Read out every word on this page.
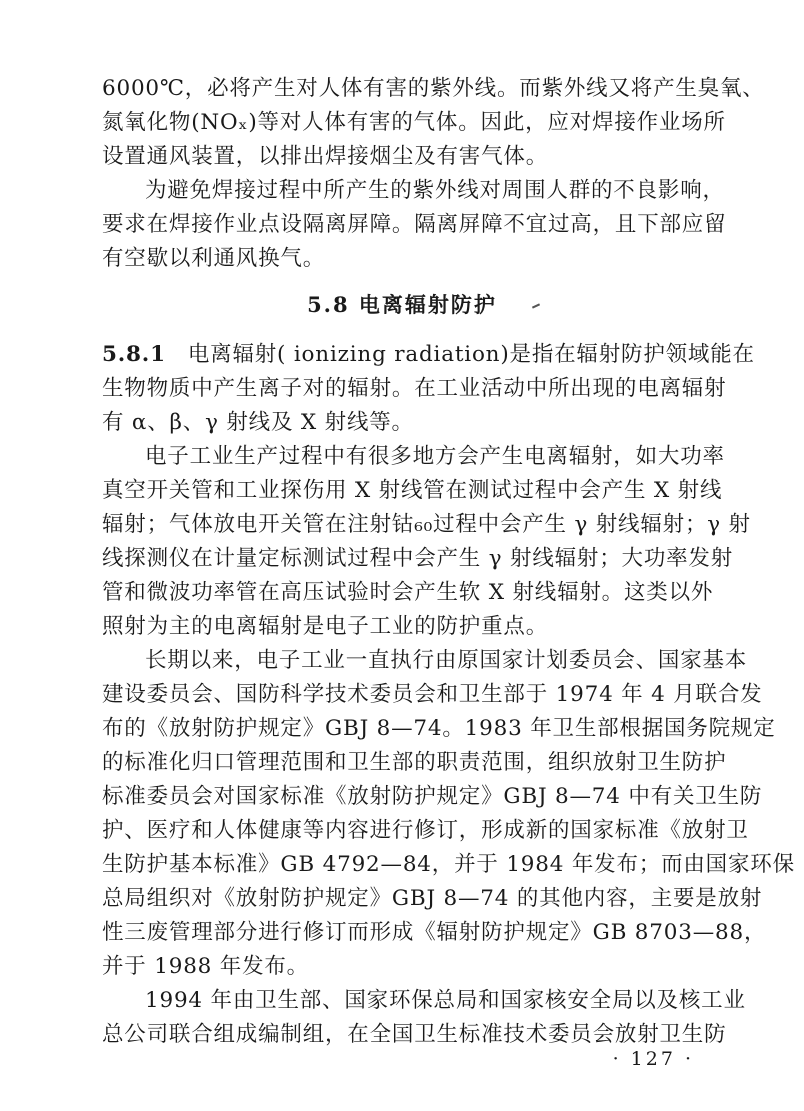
6000℃，必将产生对人体有害的紫外线。而紫外线又将产生臭氧、
氮氧化物(NOₓ)等对人体有害的气体。因此，应对焊接作业场所
设置通风装置，以排出焊接烟尘及有害气体。
为避免焊接过程中所产生的紫外线对周围人群的不良影响，
要求在焊接作业点设隔离屏障。隔离屏障不宜过高，且下部应留
有空歇以利通风换气。
5.8 电离辐射防护
5.8.1 电离辐射( ionizing radiation)是指在辐射防护领域能在
生物物质中产生离子对的辐射。在工业活动中所出现的电离辐射
有 α、β、γ 射线及 X 射线等。
电子工业生产过程中有很多地方会产生电离辐射，如大功率
真空开关管和工业探伤用 X 射线管在测试过程中会产生 X 射线
辐射；气体放电开关管在注射钴₆₀过程中会产生 γ 射线辐射；γ 射
线探测仪在计量定标测试过程中会产生 γ 射线辐射；大功率发射
管和微波功率管在高压试验时会产生软 X 射线辐射。这类以外
照射为主的电离辐射是电子工业的防护重点。
长期以来，电子工业一直执行由原国家计划委员会、国家基本
建设委员会、国防科学技术委员会和卫生部于 1974 年 4 月联合发
布的《放射防护规定》GBJ 8—74。1983 年卫生部根据国务院规定
的标准化归口管理范围和卫生部的职责范围，组织放射卫生防护
标准委员会对国家标准《放射防护规定》GBJ 8—74 中有关卫生防
护、医疗和人体健康等内容进行修订，形成新的国家标准《放射卫
生防护基本标准》GB 4792—84，并于 1984 年发布；而由国家环保
总局组织对《放射防护规定》GBJ 8—74 的其他内容，主要是放射
性三废管理部分进行修订而形成《辐射防护规定》GB 8703—88，
并于 1988 年发布。
1994 年由卫生部、国家环保总局和国家核安全局以及核工业
总公司联合组成编制组，在全国卫生标准技术委员会放射卫生防
· 127 ·
